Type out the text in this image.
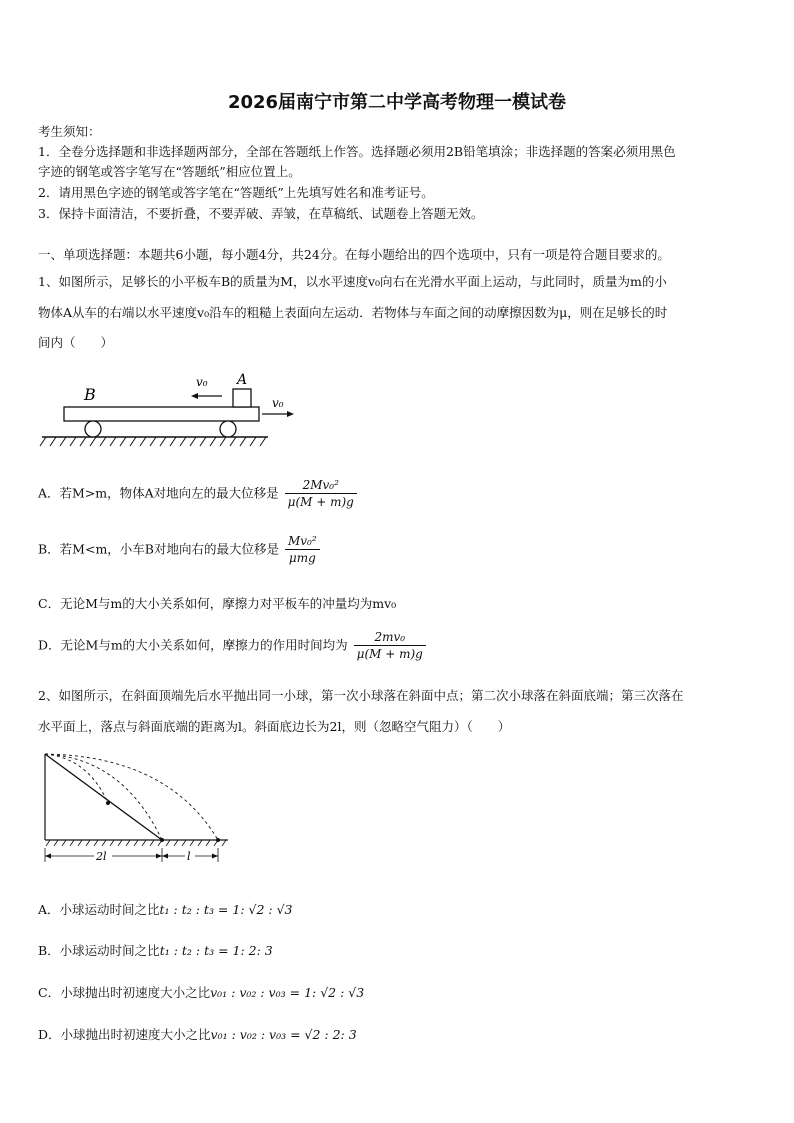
2026届南宁市第二中学高考物理一模试卷
考生须知：
1．全卷分选择题和非选择题两部分，全部在答题纸上作答。选择题必须用2B铅笔填涂；非选择题的答案必须用黑色
字迹的钢笔或答字笔写在“答题纸”相应位置上。
2．请用黑色字迹的钢笔或答字笔在“答题纸”上先填写姓名和准考证号。
3．保持卡面清洁，不要折叠，不要弄破、弄皱，在草稿纸、试题卷上答题无效。
一、单项选择题：本题共6小题，每小题4分，共24分。在每小题给出的四个选项中，只有一项是符合题目要求的。
1、如图所示，足够长的小平板车B的质量为M，以水平速度v₀向右在光滑水平面上运动，与此同时，质量为m的小
物体A从车的右端以水平速度v₀沿车的粗糙上表面向左运动．若物体与车面之间的动摩擦因数为μ，则在足够长的时
间内（　　）
B
A
v₀
v₀
A．若M>m，物体A对地向左的最大位移是 $\frac{\text{2Mv₀²}}{\mu(M + m)g}$
B．若M<m，小车B对地向右的最大位移是 $\frac{\text{Mv₀²}}{\text{μmg}}$
C．无论M与m的大小关系如何，摩擦力对平板车的冲量均为mv₀
D．无论M与m的大小关系如何，摩擦力的作用时间均为 $\frac{\text{2mv₀}}{\mu(M + m)g}$
2、如图所示，在斜面顶端先后水平抛出同一小球，第一次小球落在斜面中点；第二次小球落在斜面底端；第三次落在
水平面上，落点与斜面底端的距离为l。斜面底边长为2l，则（忽略空气阻力）（　　）
2l	l
A．小球运动时间之比t₁ : t₂ : t₃ = 1: √2 : √3
B．小球运动时间之比t₁ : t₂ : t₃ = 1: 2: 3
C．小球抛出时初速度大小之比v₀₁ : v₀₂ : v₀₃ = 1: √2 : √3
D．小球抛出时初速度大小之比v₀₁ : v₀₂ : v₀₃ = √2 : 2: 3
